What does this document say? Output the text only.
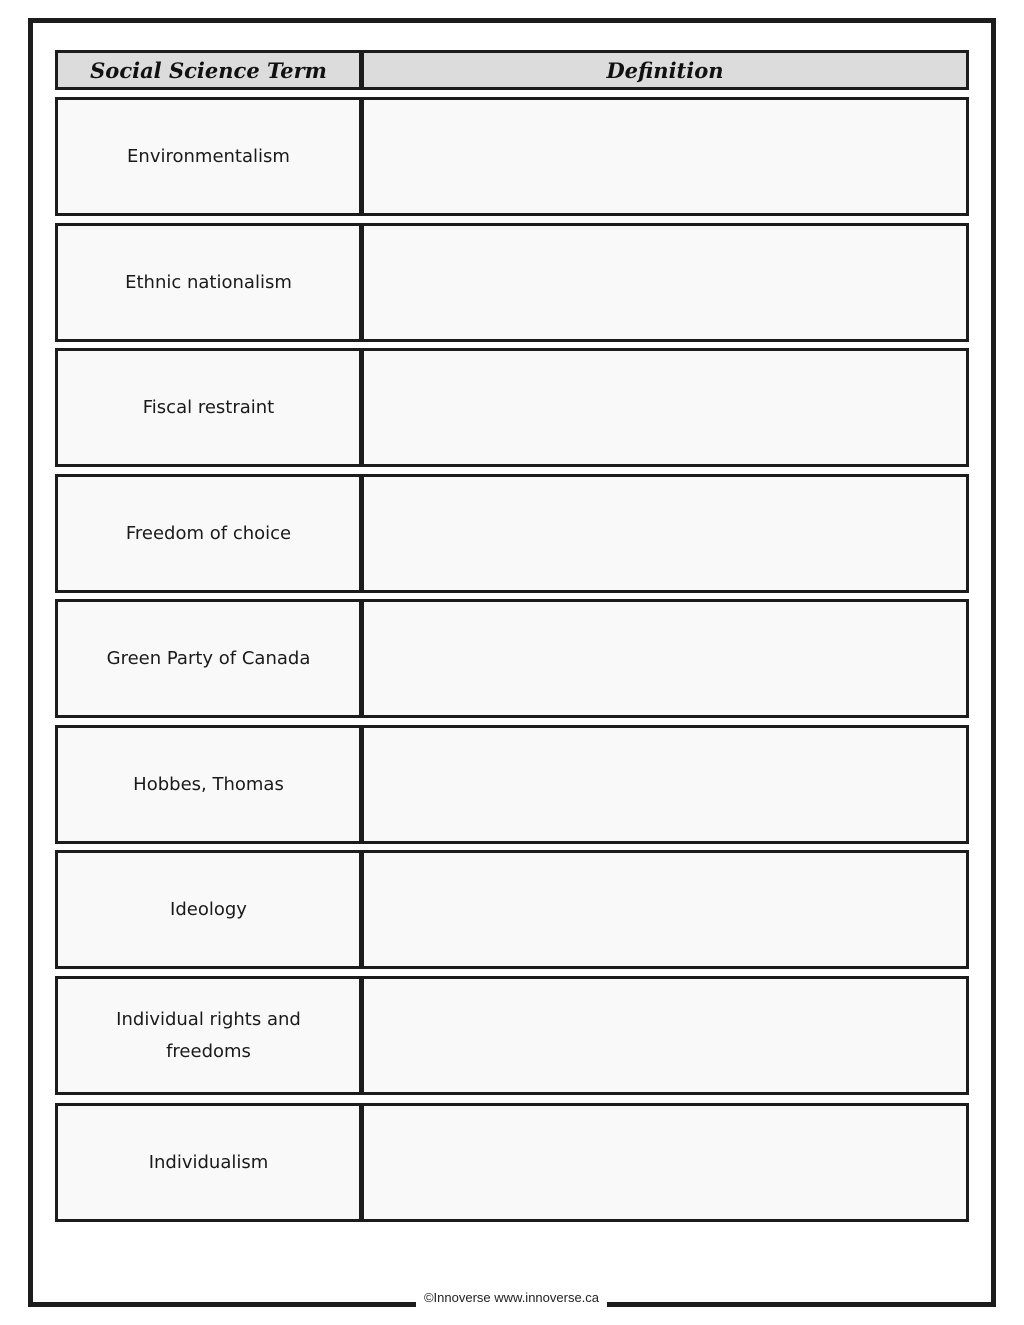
Social Science Term	Definition
Environmentalism
Ethnic nationalism
Fiscal restraint
Freedom of choice
Green Party of Canada
Hobbes, Thomas
Ideology
Individual rights and freedoms
Individualism
©Innoverse www.innoverse.ca
